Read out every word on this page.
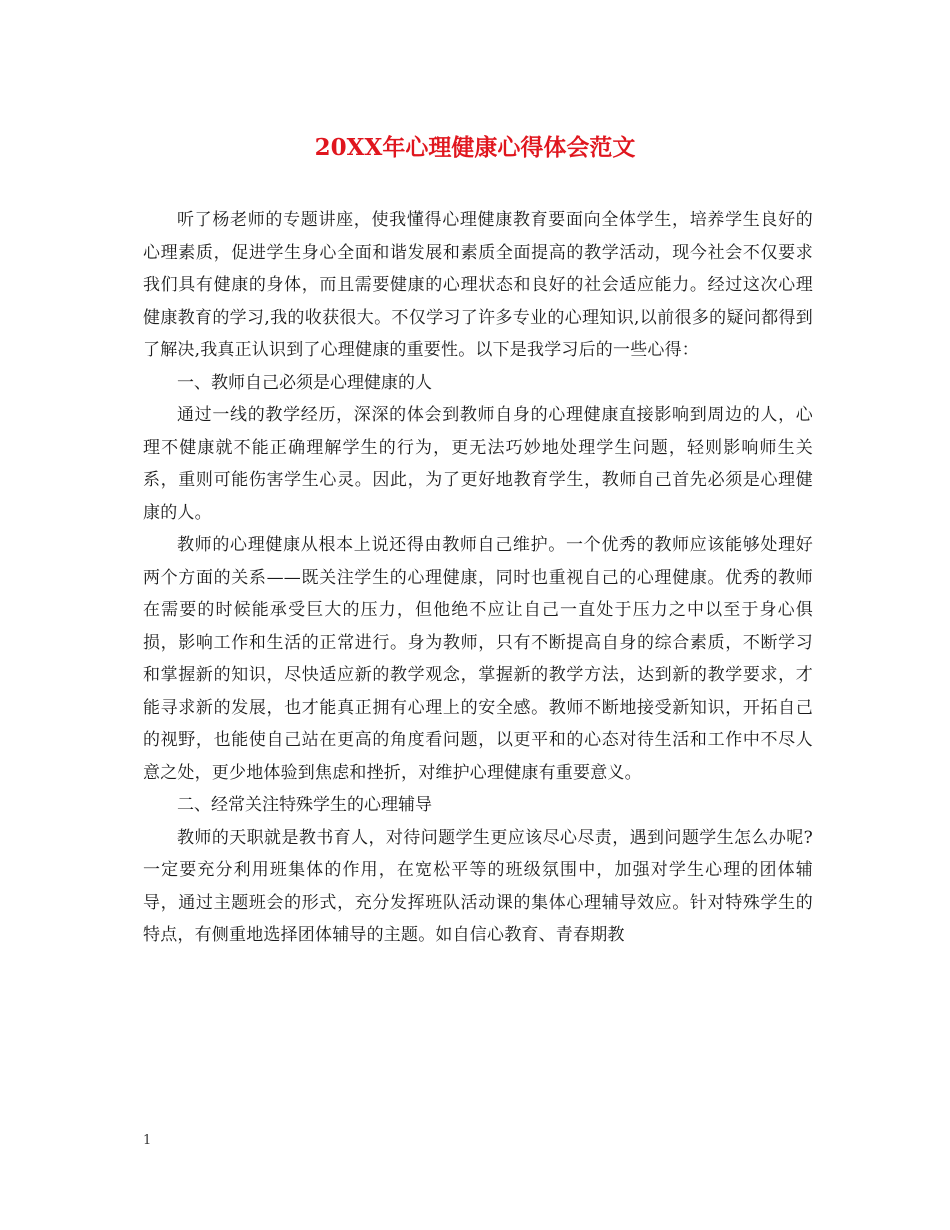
20XX年心理健康心得体会范文

听了杨老师的专题讲座，使我懂得心理健康教育要面向全体学生，培养学生良好的心理素质，促进学生身心全面和谐发展和素质全面提高的教学活动，现今社会不仅要求我们具有健康的身体，而且需要健康的心理状态和良好的社会适应能力。经过这次心理健康教育的学习,我的收获很大。不仅学习了许多专业的心理知识,以前很多的疑问都得到了解决,我真正认识到了心理健康的重要性。以下是我学习后的一些心得：

一、教师自己必须是心理健康的人

通过一线的教学经历，深深的体会到教师自身的心理健康直接影响到周边的人，心理不健康就不能正确理解学生的行为，更无法巧妙地处理学生问题，轻则影响师生关系，重则可能伤害学生心灵。因此，为了更好地教育学生，教师自己首先必须是心理健康的人。

教师的心理健康从根本上说还得由教师自己维护。一个优秀的教师应该能够处理好两个方面的关系——既关注学生的心理健康，同时也重视自己的心理健康。优秀的教师在需要的时候能承受巨大的压力，但他绝不应让自己一直处于压力之中以至于身心俱损，影响工作和生活的正常进行。身为教师，只有不断提高自身的综合素质，不断学习和掌握新的知识，尽快适应新的教学观念，掌握新的教学方法，达到新的教学要求，才能寻求新的发展，也才能真正拥有心理上的安全感。教师不断地接受新知识，开拓自己的视野，也能使自己站在更高的角度看问题，以更平和的心态对待生活和工作中不尽人意之处，更少地体验到焦虑和挫折，对维护心理健康有重要意义。

二、经常关注特殊学生的心理辅导

教师的天职就是教书育人，对待问题学生更应该尽心尽责，遇到问题学生怎么办呢?一定要充分利用班集体的作用，在宽松平等的班级氛围中，加强对学生心理的团体辅导，通过主题班会的形式，充分发挥班队活动课的集体心理辅导效应。针对特殊学生的特点，有侧重地选择团体辅导的主题。如自信心教育、青春期教

1
